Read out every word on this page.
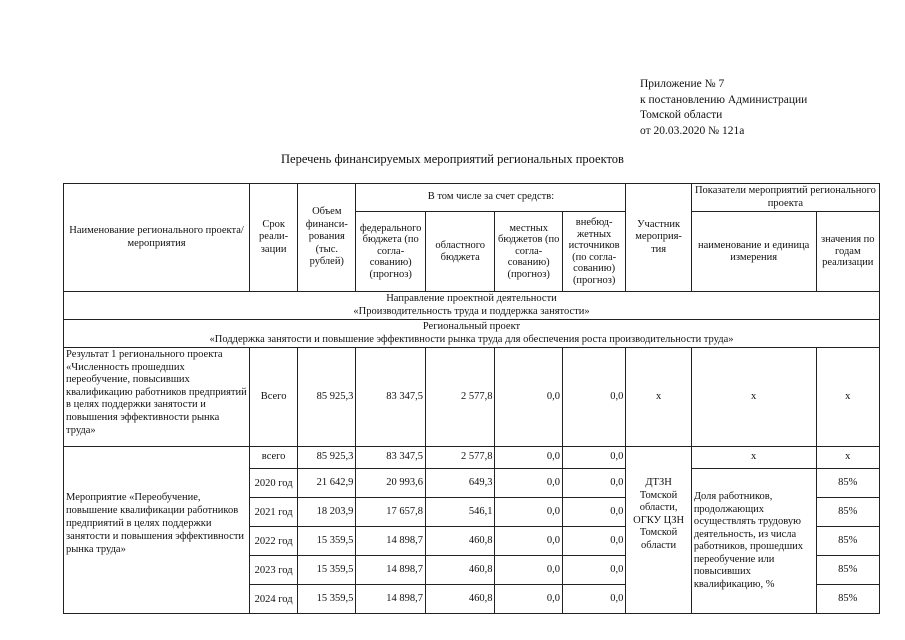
Приложение № 7
к постановлению Администрации
Томской области
от 20.03.2020 № 121а
Перечень финансируемых мероприятий региональных проектов
Наименование регионального проекта/мероприятия	Срок реали-зации	Объем финанси-рования (тыс. рублей)	В том числе за счет средств:				Участник мероприя-тия	Показатели мероприятий регионального проекта	
			федерального бюджета (по согла-сованию) (прогноз)	областного бюджета	местных бюджетов (по согла-сованию) (прогноз)	внебюд-жетных источников (по согла-сованию) (прогноз)		наименование и единица измерения	значения по годам реализации

Направление проектной деятельности
«Производительность труда и поддержка занятости»									

Региональный проект
«Поддержка занятости и повышение эффективности рынка труда для обеспечения роста производительности труда»									

Результат 1 регионального проекта «Численность прошедших переобучение, повысивших квалификацию работников предприятий в целях поддержки занятости и повышения эффективности рынка труда»	Всего	85 925,3	83 347,5	2 577,8	0,0	0,0	x	x	x
Мероприятие «Переобучение, повышение квалификации работников предприятий в целях поддержки занятости и повышения эффективности рынка труда»	всего	85 925,3	83 347,5	2 577,8	0,0	0,0	ДТЗН Томской области, ОГКУ ЦЗН Томской области	x	x
	2020 год	21 642,9	20 993,6	649,3	0,0	0,0		Доля работников, продолжающих осуществлять трудовую деятельность, из числа работников, прошедших переобучение или повысивших квалификацию, %	85%
	2021 год	18 203,9	17 657,8	546,1	0,0	0,0			85%
	2022 год	15 359,5	14 898,7	460,8	0,0	0,0			85%
	2023 год	15 359,5	14 898,7	460,8	0,0	0,0			85%
	2024 год	15 359,5	14 898,7	460,8	0,0	0,0			85%
